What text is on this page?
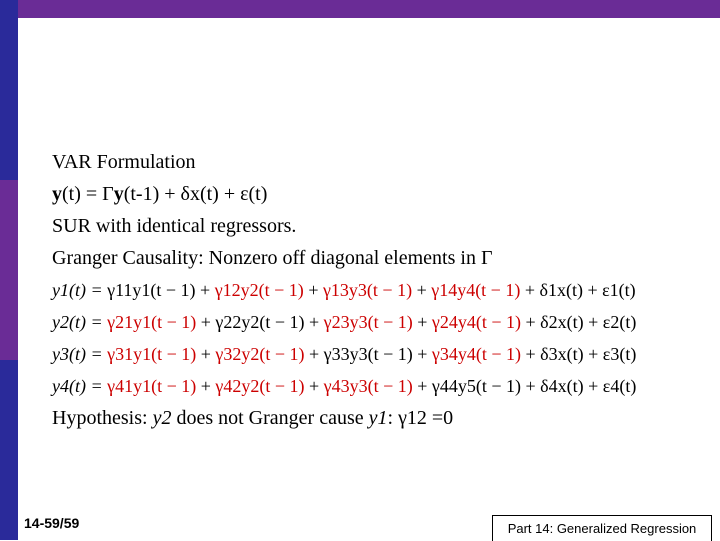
VAR Formulation
y(t) = Γy(t-1) + δx(t) + ε(t)
SUR with identical regressors.
Granger Causality: Nonzero off diagonal elements in Γ
y1(t) = γ11y1(t − 1) + γ12y2(t − 1) + γ13y3(t − 1) + γ14y4(t − 1) + δ1x(t) + ε1(t)
y2(t) = γ21y1(t − 1) + γ22y2(t − 1) + γ23y3(t − 1) + γ24y4(t − 1) + δ2x(t) + ε2(t)
y3(t) = γ31y1(t − 1) + γ32y2(t − 1) + γ33y3(t − 1) + γ34y4(t − 1) + δ3x(t) + ε3(t)
y4(t) = γ41y1(t − 1) + γ42y2(t − 1) + γ43y3(t − 1) + γ44y5(t − 1) + δ4x(t) + ε4(t)
Hypothesis: y2 does not Granger cause y1: γ12 =0
14-59/59	Part 14: Generalized Regression
